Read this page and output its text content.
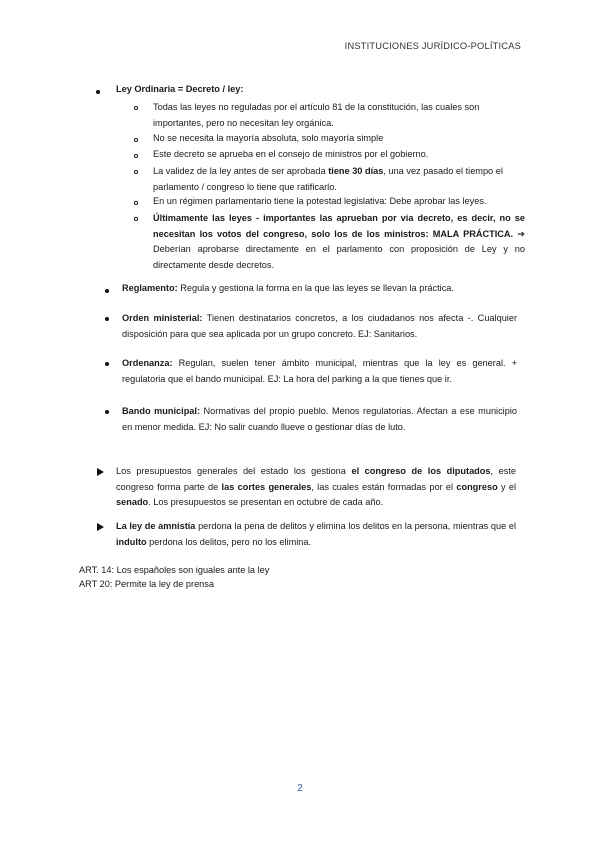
INSTITUCIONES JURÍDICO-POLÍTICAS
Ley Ordinaria = Decreto / ley:
Todas las leyes no reguladas por el artículo 81 de la constitución, las cuales son importantes, pero no necesitan ley orgánica.
No se necesita la mayoría absoluta, solo mayoría simple
Este decreto se aprueba en el consejo de ministros por el gobierno.
La validez de la ley antes de ser aprobada tiene 30 días, una vez pasado el tiempo el parlamento / congreso lo tiene que ratificarlo.
En un régimen parlamentario tiene la potestad legislativa: Debe aprobar las leyes.
Últimamente las leyes - importantes las aprueban por vía decreto, es decir, no se necesitan los votos del congreso, solo los de los ministros: MALA PRÁCTICA. ➔ Deberían aprobarse directamente en el parlamento con proposición de Ley y no directamente desde decretos.
Reglamento: Regula y gestiona la forma en la que las leyes se llevan la práctica.
Orden ministerial: Tienen destinatarios concretos, a los ciudadanos nos afecta -. Cualquier disposición para que sea aplicada por un grupo concreto. EJ: Sanitarios.
Ordenanza: Regulan, suelen tener ámbito municipal, mientras que la ley es general. + regulatoria que el bando municipal. EJ: La hora del parking a la que tienes que ir.
Bando municipal: Normativas del propio pueblo. Menos regulatorias. Afectan a ese municipio en menor medida. EJ: No salir cuando llueve o gestionar días de luto.
Los presupuestos generales del estado los gestiona el congreso de los diputados, este congreso forma parte de las cortes generales, las cuales están formadas por el congreso y el senado. Los presupuestos se presentan en octubre de cada año.
La ley de amnistía perdona la pena de delitos y elimina los delitos en la persona, mientras que el indulto perdona los delitos, pero no los elimina.
ART. 14: Los españoles son iguales ante la ley
ART 20: Permite la ley de prensa
2
